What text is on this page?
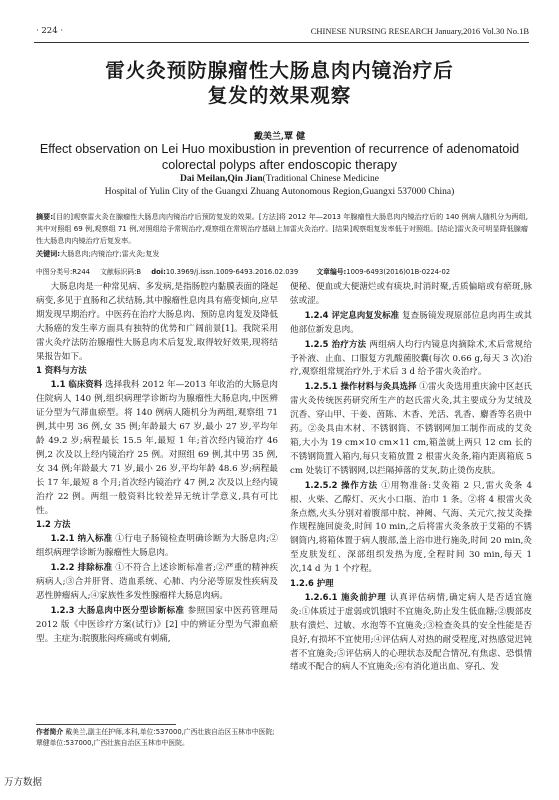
· 224 ·	CHINESE NURSING RESEARCH January,2016 Vol.30 No.1B
雷火灸预防腺瘤性大肠息肉内镜治疗后
复发的效果观察
戴美兰,覃 健
Effect observation on Lei Huo moxibustion in prevention of recurrence of adenomatoid colorectal polyps after endoscopic therapy
Dai Meilan,Qin Jian(Traditional Chinese Medicine
Hospital of Yulin City of the Guangxi Zhuang Autonomous Region,Guangxi 537000 China)
摘要:[目的]观察雷火灸在腺瘤性大肠息肉内镜治疗后预防复发的效果。[方法]将 2012 年—2013 年腺瘤性大肠息肉内镜治疗后的 140 例病人随机分为两组,其中对照组 69 例,观察组 71 例,对照组给予常规治疗,观察组在常规治疗基础上加雷火灸治疗。[结果]观察组复发率低于对照组。[结论]雷火灸可明显降低腺瘤性大肠息肉内镜治疗后复发率。
关键词:大肠息肉;内镜治疗;雷火灸;复发
中图分类号:R244 文献标识码:B doi:10.3969/j.issn.1009-6493.2016.02.039	文章编号:1009-6493(2016)01B-0224-02

大肠息肉是一种常见病、多发病,是指肠腔内黏膜表面的隆起病变,多见于直肠和乙状结肠,其中腺瘤性息肉具有癌变倾向,应早期发现早期治疗。中医药在治疗大肠息肉、预防息肉复发及降低大肠癌的发生率方面具有独特的优势和广阔前景[1]。我院采用雷火灸疗法防治腺瘤性大肠息肉术后复发,取得较好效果,现将结果报告如下。

1 资料与方法

1.1 临床资料 选择我科 2012 年—2013 年收治的大肠息肉住院病人 140 例,组织病理学诊断均为腺瘤性大肠息肉,中医辨证分型为气滞血瘀型。将 140 例病人随机分为两组,观察组 71 例,其中男 36 例,女 35 例;年龄最大 67 岁,最小 27 岁,平均年龄 49.2 岁;病程最长 15.5 年,最短 1 年;首次经内镜治疗 46 例,2 次及以上经内镜治疗 25 例。对照组 69 例,其中男 35 例,女 34 例;年龄最大 71 岁,最小 26 岁,平均年龄 48.6 岁;病程最长 17 年,最短 8 个月;首次经内镜治疗 47 例,2 次及以上经内镜治疗 22 例。两组一般资料比较差异无统计学意义,具有可比性。

1.2 方法

1.2.1 纳入标准 ①行电子肠镜检查明确诊断为大肠息肉;②组织病理学诊断为腺瘤性大肠息肉。

1.2.2 排除标准 ①不符合上述诊断标准者;②严重的精神疾病病人;③合并肝肾、造血系统、心肺、内分泌等原发性疾病及恶性肿瘤病人;④家族性多发性腺瘤样大肠息肉病。

1.2.3 大肠息肉中医分型诊断标准 参照国家中医药管理局 2012 版《中医诊疗方案(试行)》[2] 中的辨证分型为气滞血瘀型。主症为:脘腹胀闷疼痛或有刺痛,

便秘、便血或大便溏烂或有痰块,时消时聚,舌质偏暗或有瘀斑,脉弦或涩。

1.2.4 评定息肉复发标准 复查肠镜发现原部位息肉再生或其他部位新发息肉。

1.2.5 治疗方法 两组病人均行内镜息肉摘除术,术后常规给予补液、止血、口服复方乳酸菌胶囊(每次 0.66 g,每天 3 次)治疗,观察组常规治疗外,于术后 3 d 给予雷火灸治疗。

1.2.5.1 操作材料与灸具选择 ①雷火灸选用重庆渝中区赵氏雷火灸传统医药研究所生产的赵氏雷火灸,其主要成分为艾绒及沉香、穿山甲、干姜、茵陈、木香、羌活、乳香、麝香等名贵中药。②灸具由木材、不锈钢筒、不锈钢网加工制作而成的艾灸箱,大小为 19 cm×10 cm×11 cm,箱盖就上两只 12 cm 长的不锈钢筒置入箱内,每只支箱放置 2 根雷火灸条,箱内距离箱底 5 cm 处装订不锈钢网,以拦隔掉落的艾灰,防止烫伤皮肤。

1.2.5.2 操作方法 ①用物准备:艾灸箱 2 只,雷火灸条 4 根、火柴、乙醇灯、灭火小口瓶、治巾 1 条。②将 4 根雷火灸条点燃,火头分别对着腹部中脘、神阙、气海、关元穴,按艾灸操作规程施回旋灸,时间 10 min,之后将雷火灸条放于艾箱的不锈钢筒内,将箱体置于病人腹部,盖上浴巾进行施灸,时间 20 min,灸至皮肤发红、深部组织发热为度,全程时间 30 min,每天 1 次,14 d 为 1 个疗程。

1.2.6 护理

1.2.6.1 施灸前护理 认真评估病情,确定病人是否适宜施灸:①体质过于虚弱或饥饿时不宜施灸,防止发生低血糖;②腹部皮肤有溃烂、过敏、水泡等不宜施灸;③检查灸具的安全性能是否良好,有损坏不宜使用;④评估病人对热的耐受程度,对热感觉迟钝者不宜施灸;⑤评估病人的心理状态及配合情况,有焦虑、恐惧情绪或不配合的病人不宜施灸;⑥有消化道出血、穿孔、发

作者简介 戴美兰,副主任护师,本科,单位:537000,广西壮族自治区玉林市中医院;覃健单位:537000,广西壮族自治区玉林市中医院。
万方数据
